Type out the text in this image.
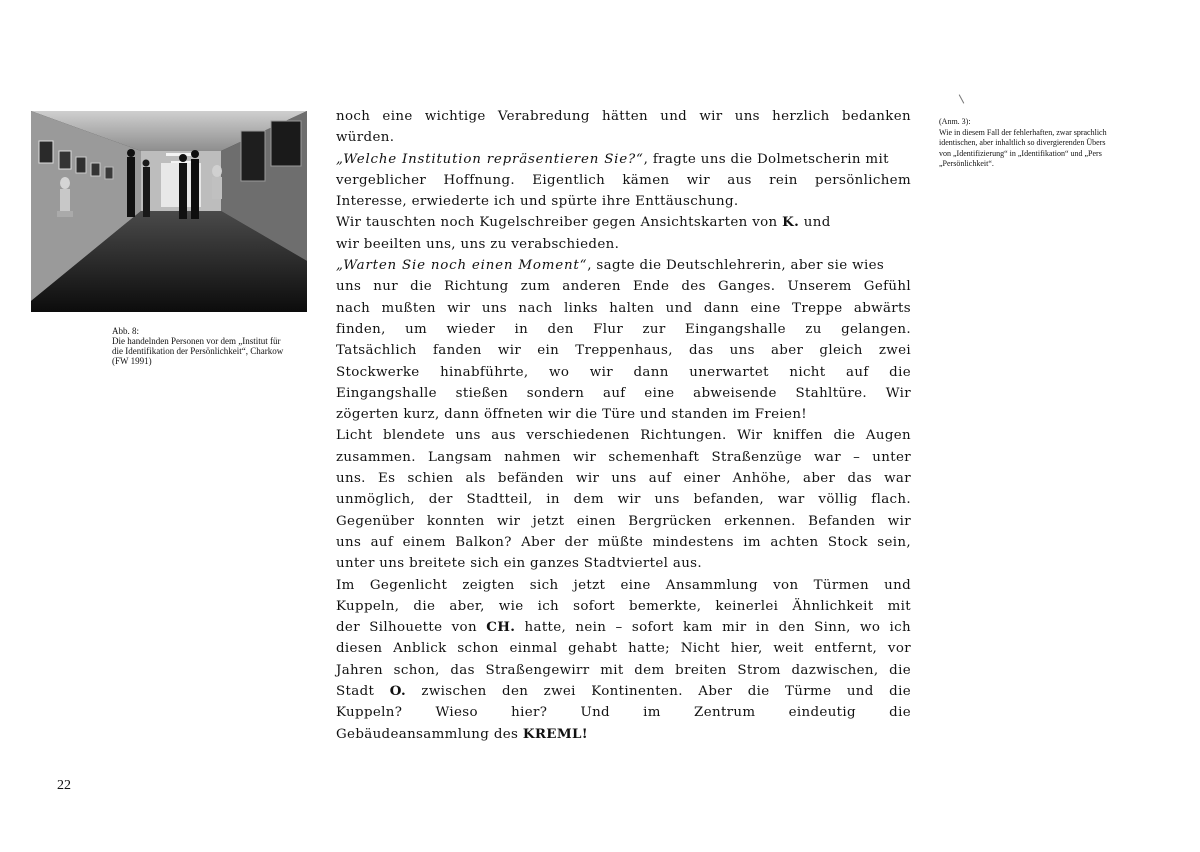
Abb. 8:
Die handelnden Personen vor dem „Institut für
die Identifikation der Persönlichkeit“, Charkow
(FW 1991)
noch eine wichtige Verabredung hätten und wir uns herzlich bedanken
würden.
„Welche Institution repräsentieren Sie?“, fragte uns die Dolmetscherin mit
vergeblicher Hoffnung. Eigentlich kämen wir aus rein persönlichem
Interesse, erwiederte ich und spürte ihre Enttäuschung.
Wir tauschten noch Kugelschreiber gegen Ansichtskarten von K. und
wir beeilten uns, uns zu verabschieden.
„Warten Sie noch einen Moment“, sagte die Deutschlehrerin, aber sie wies
uns nur die Richtung zum anderen Ende des Ganges. Unserem Gefühl
nach mußten wir uns nach links halten und dann eine Treppe abwärts
finden, um wieder in den Flur zur Eingangshalle zu gelangen.
Tatsächlich fanden wir ein Treppenhaus, das uns aber gleich zwei
Stockwerke hinabführte, wo wir dann unerwartet nicht auf die
Eingangshalle stießen sondern auf eine abweisende Stahltüre. Wir
zögerten kurz, dann öffneten wir die Türe und standen im Freien!
Licht blendete uns aus verschiedenen Richtungen. Wir kniffen die Augen
zusammen. Langsam nahmen wir schemenhaft Straßenzüge war – unter
uns. Es schien als befänden wir uns auf einer Anhöhe, aber das war
unmöglich, der Stadtteil, in dem wir uns befanden, war völlig flach.
Gegenüber konnten wir jetzt einen Bergrücken erkennen. Befanden wir
uns auf einem Balkon? Aber der müßte mindestens im achten Stock sein,
unter uns breitete sich ein ganzes Stadtviertel aus.
Im Gegenlicht zeigten sich jetzt eine Ansammlung von Türmen und
Kuppeln, die aber, wie ich sofort bemerkte, keinerlei Ähnlichkeit mit
der Silhouette von CH. hatte, nein – sofort kam mir in den Sinn, wo ich
diesen Anblick schon einmal gehabt hatte; Nicht hier, weit entfernt, vor
Jahren schon, das Straßengewirr mit dem breiten Strom dazwischen, die
Stadt O. zwischen den zwei Kontinenten. Aber die Türme und die
Kuppeln? Wieso hier? Und im Zentrum eindeutig die
Gebäudeansammlung des KREML!
(Anm. 3):
Wie in diesem Fall der fehlerhaften, zwar sprachlich
identischen, aber inhaltlich so divergierenden Übers
von „Identifizierung“ in „Identifikation“ und „Pers
„Persönlichkeit“.
22
